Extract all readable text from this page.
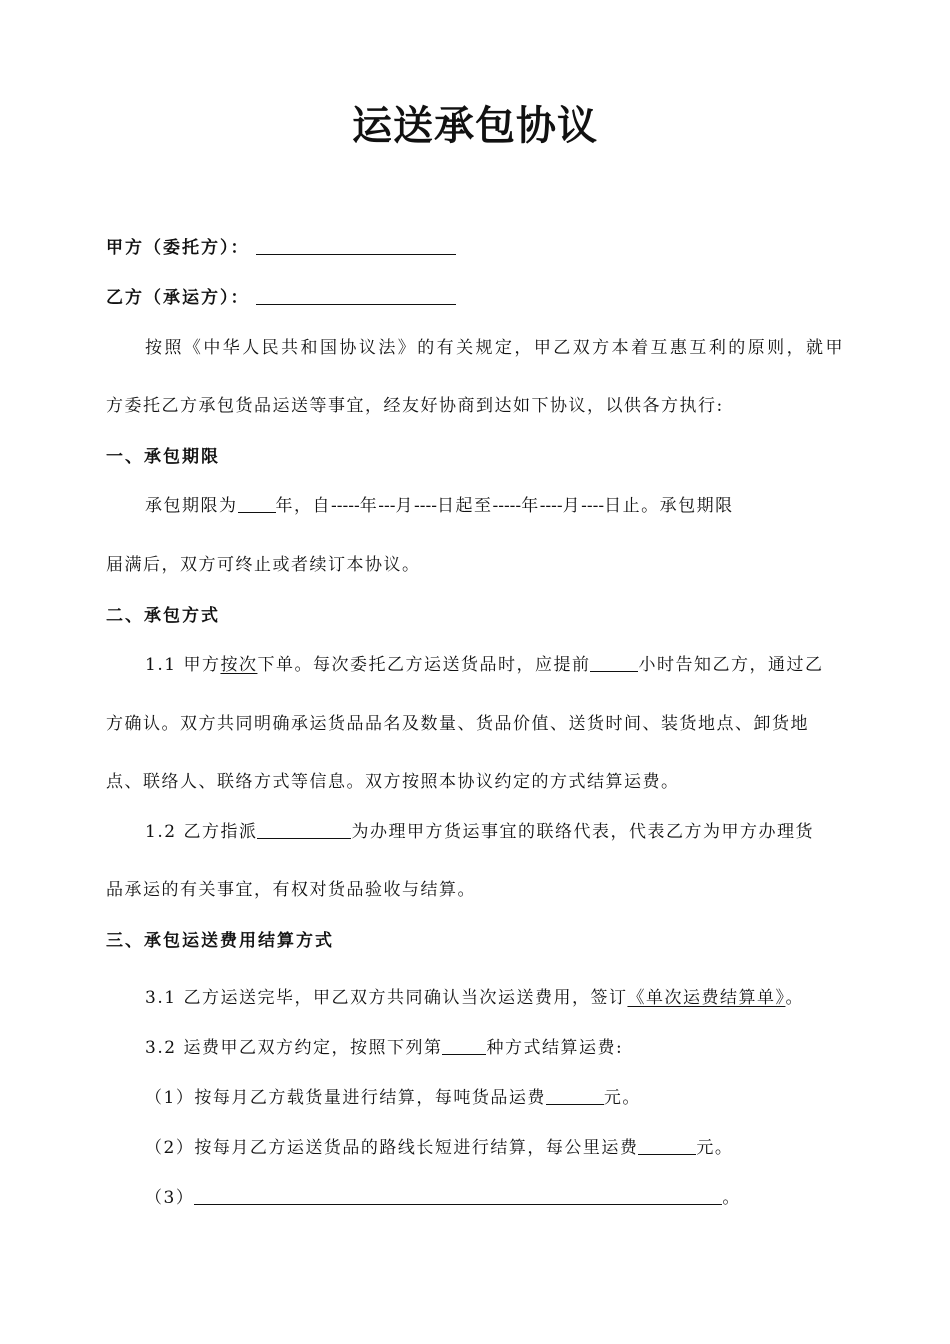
运送承包协议
甲方（委托方）：
乙方（承运方）：
按照《中华人民共和国协议法》的有关规定，甲乙双方本着互惠互利的原则，就甲
方委托乙方承包货品运送等事宜，经友好协商到达如下协议，以供各方执行:
一、承包期限
承包期限为 年，自-----年---月----日起至-----年----月----日止。承包期限
届满后，双方可终止或者续订本协议。
二、承包方式
1.1 甲方按次下单。每次委托乙方运送货品时，应提前	小时告知乙方，通过乙
方确认。双方共同明确承运货品品名及数量、货品价值、送货时间、装货地点、卸货地
点、联络人、联络方式等信息。双方按照本协议约定的方式结算运费。
1.2 乙方指派	为办理甲方货运事宜的联络代表，代表乙方为甲方办理货
品承运的有关事宜，有权对货品验收与结算。
三、承包运送费用结算方式
3.1 乙方运送完毕，甲乙双方共同确认当次运送费用，签订《单次运费结算单》。
3.2 运费甲乙双方约定，按照下列第	种方式结算运费:
（1）按每月乙方载货量进行结算，每吨货品运费	元。
（2）按每月乙方运送货品的路线长短进行结算，每公里运费	元。
（3）	。
